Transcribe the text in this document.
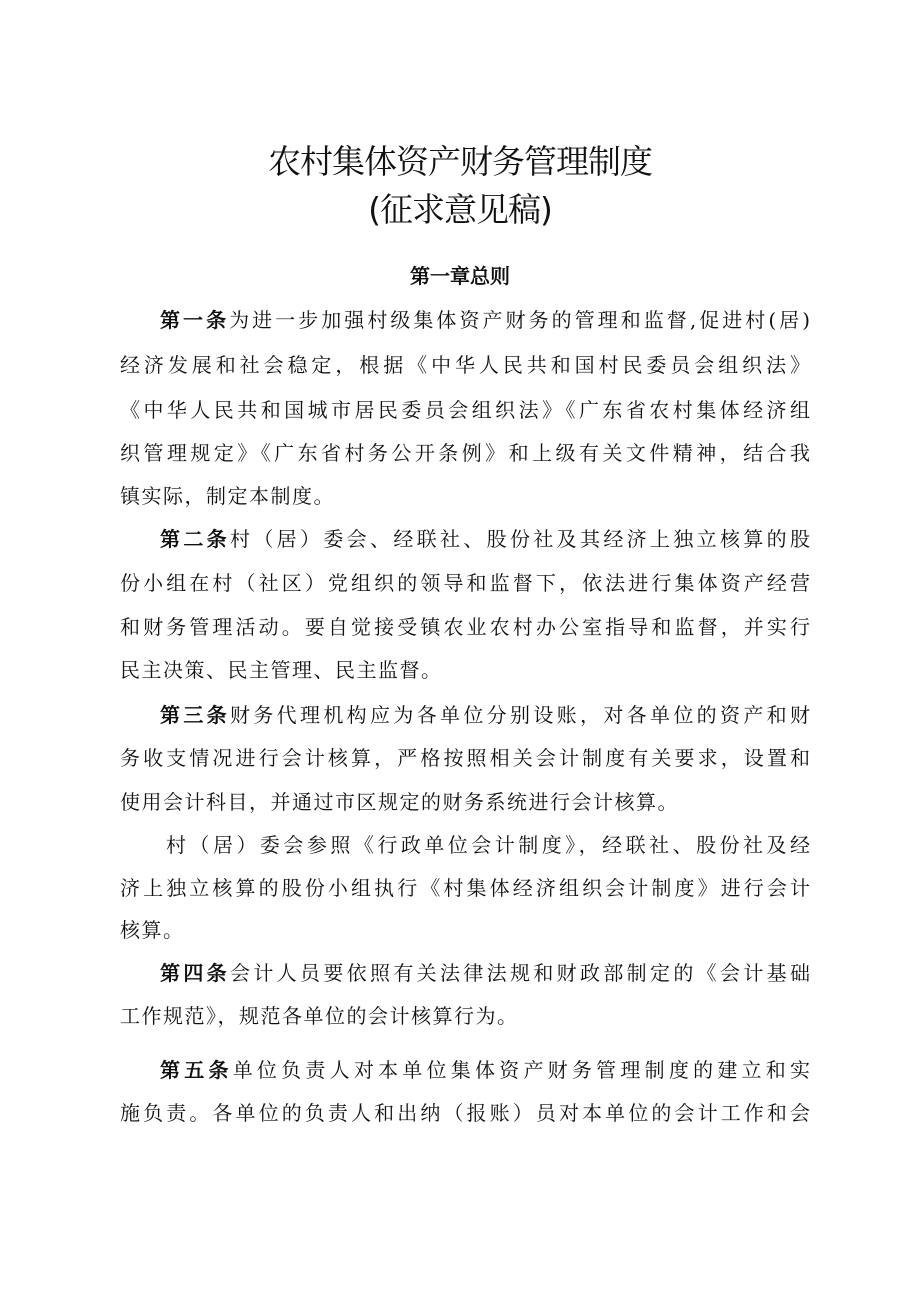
农村集体资产财务管理制度
(征求意见稿)
第一章总则
第一条为进一步加强村级集体资产财务的管理和监督,促进村(居)
经济发展和社会稳定，根据《中华人民共和国村民委员会组织法》
《中华人民共和国城市居民委员会组织法》《广东省农村集体经济组
织管理规定》《广东省村务公开条例》和上级有关文件精神，结合我
镇实际，制定本制度。
第二条村（居）委会、经联社、股份社及其经济上独立核算的股
份小组在村（社区）党组织的领导和监督下，依法进行集体资产经营
和财务管理活动。要自觉接受镇农业农村办公室指导和监督，并实行
民主决策、民主管理、民主监督。
第三条财务代理机构应为各单位分别设账，对各单位的资产和财
务收支情况进行会计核算，严格按照相关会计制度有关要求，设置和
使用会计科目，并通过市区规定的财务系统进行会计核算。
村（居）委会参照《行政单位会计制度》，经联社、股份社及经
济上独立核算的股份小组执行《村集体经济组织会计制度》进行会计
核算。
第四条会计人员要依照有关法律法规和财政部制定的《会计基础
工作规范》，规范各单位的会计核算行为。
第五条单位负责人对本单位集体资产财务管理制度的建立和实
施负责。各单位的负责人和出纳（报账）员对本单位的会计工作和会
